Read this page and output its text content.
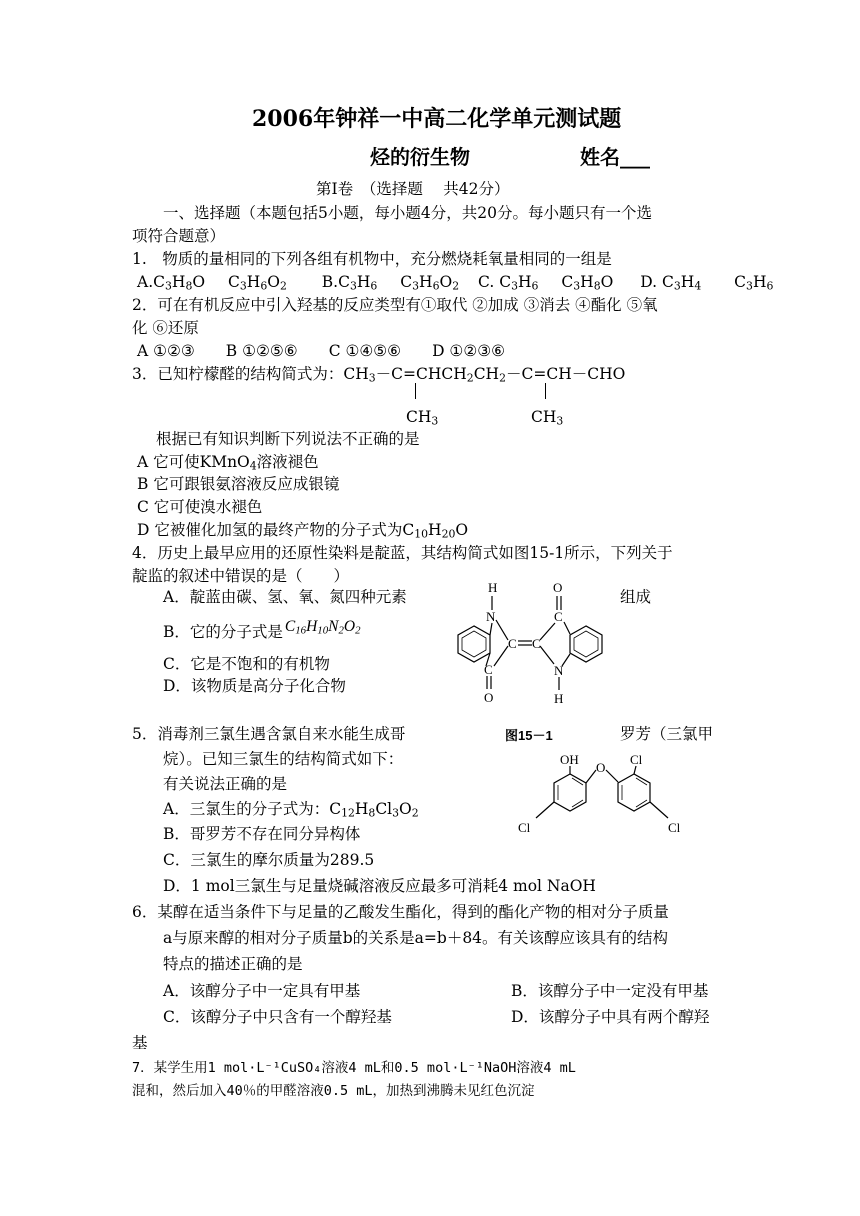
2006年钟祥一中高二化学单元测试题
烃的衍生物	姓名___
第Ⅰ卷　（选择题　 共42分）
一、选择题（本题包括5小题，每小题4分，共20分。每小题只有一个选
项符合题意）
1.　物质的量相同的下列各组有机物中，充分燃烧耗氧量相同的一组是
$A.C_3H_8O$ $C_3H_6O_2$ $B.C_3H_6$ $C_3H_6O_2$ C. $C_3H_6$ $C_3H_8O$ D. $C_3H_4$ $C_3H_6$
2．可在有机反应中引入羟基的反应类型有①取代 ②加成 ③消去 ④酯化 ⑤氧
化 ⑥还原
A ①②③　　B ①②⑤⑥　　C ①④⑤⑥　　D ①②③⑥
3．已知柠檬醛的结构简式为：$CH_3-C=CHCH_2CH_2-C=CH-CHO$
$CH_3$	$CH_3$
根据已有知识判断下列说法不正确的是
A 它可使KMnO$_4$溶液褪色
B 它可跟银氨溶液反应成银镜
C 它可使溴水褪色
D 它被催化加氢的最终产物的分子式为$C_{10}H_{20}O$
4．历史上最早应用的还原性染料是靛蓝，其结构简式如图15-1所示，下列关于
靛监的叙述中错误的是（　　）
A．靛蓝由碳、氢、氧、氮四种元素	组成
B．它的分子式是 $C_{16}H_{10}N_2O_2$
C．它是不饱和的有机物
D．该物质是高分子化合物
H
N
O
C
C C
C
O
N
H
5．消毒剂三氯生遇含氯自来水能生成哥	图15－1	罗芳（三氯甲
烷）。已知三氯生的结构简式如下：
有关说法正确的是
A．三氯生的分子式为：$C_{12}H_8Cl_3O_2$
B．哥罗芳不存在同分异构体
C．三氯生的摩尔质量为289.5
D．1 mol三氯生与足量烧碱溶液反应最多可消耗4 mol NaOH
OH
O
Cl
Cl	Cl
6．某醇在适当条件下与足量的乙酸发生酯化，得到的酯化产物的相对分子质量
a与原来醇的相对分子质量b的关系是a=b＋84。有关该醇应该具有的结构
特点的描述正确的是
A．该醇分子中一定具有甲基	B．该醇分子中一定没有甲基
C．该醇分子中只含有一个醇羟基	D．该醇分子中具有两个醇羟
基
7．某学生用1 mol·L⁻¹CuSO₄溶液4 mL和0.5 mol·L⁻¹NaOH溶液4 mL
混和，然后加入40％的甲醛溶液0.5 mL，加热到沸腾未见红色沉淀
